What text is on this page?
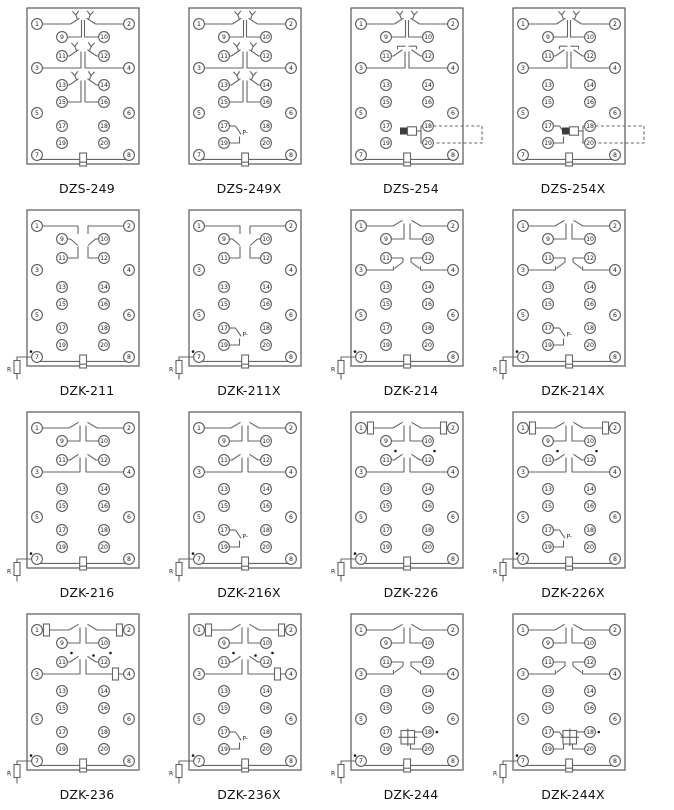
1	2
9	10
11	12
3	4
13	14
15	16
5	6
17	18
19	20
7	8
DZS-249
P-
1	2
9	10
11	12
3	4
13	14
15	16
5	6
17	18
19	20
7	8
DZS-249X
1	2
9	10
11	12
3	4
13	14
15	16
5	6
17	18
19	20
7	8
DZS-254
1	2
9	10
11	12
3	4
13	14
15	16
5	6
17	18
19	20
7	8
DZS-254X
R
1	2
9	10
11	12
3	4
13	14
15	16
5	6
17	18
19	20
7	8
DZK-211
P-
R
1	2
9	10
11	12
3	4
13	14
15	16
5	6
17	18
19	20
7	8
DZK-211X
R
1	2
9	10
11	12
3	4
13	14
15	16
5	6
17	18
19	20
7	8
DZK-214
P-
R
1	2
9	10
11	12
3	4
13	14
15	16
5	6
17	18
19	20
7	8
DZK-214X
R
1	2
9	10
11	12
3	4
13	14
15	16
5	6
17	18
19	20
7	8
DZK-216
P-
R
1	2
9	10
11	12
3	4
13	14
15	16
5	6
17	18
19	20
7	8
DZK-216X
R
1	2
9	10
11	12
3	4
13	14
15	16
5	6
17	18
19	20
7	8
DZK-226
P-
R
1	2
9	10
11	12
3	4
13	14
15	16
5	6
17	18
19	20
7	8
DZK-226X
R
1	2
9	10
11	12
3	4
13	14
15	16
5	6
17	18
19	20
7	8
DZK-236
P-
R
1	2
9	10
11	12
3	4
13	14
15	16
5	6
17	18
19	20
7	8
DZK-236X
R
1	2
9	10
11	12
3	4
13	14
15	16
5	6
17	18
19	20
7	8
DZK-244
R
1	2
9	10
11	12
3	4
13	14
15	16
5	6
17	18
19	20
7	8
DZK-244X
